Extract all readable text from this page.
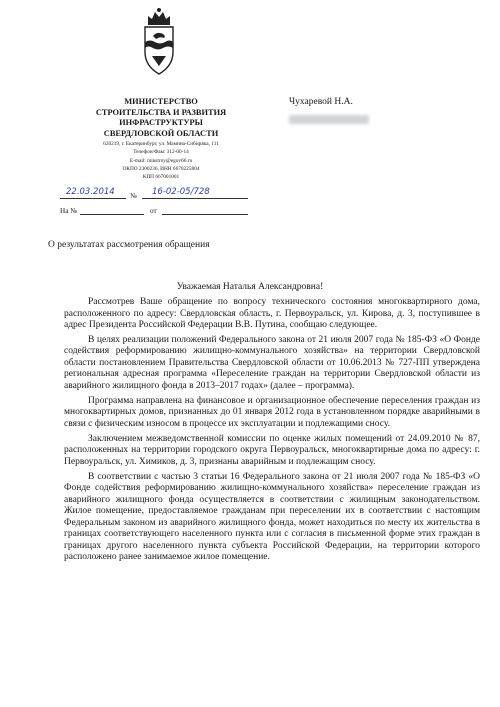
МИНИСТЕРСТВО
СТРОИТЕЛЬСТВА И РАЗВИТИЯ
ИНФРАСТРУКТУРЫ
СВЕРДЛОВСКОЙ ОБЛАСТИ
620219, г. Екатеринбург, ул. Мамина-Сибиряка, 111
Телефон/Факс 312-00-14
E-mail: minstroy@egov66.ru
ОКПО 2300236, ИНН 6670225804
КПП 667001001
22.03.2014 № 16-02-05/728
На №	от
Чухаревой Н.А.
О результатах рассмотрения обращения
Уважаемая Наталья Александровна!

Рассмотрев Ваше обращение по вопросу технического состояния многоквартирного дома, расположенного по адресу: Свердловская область, г. Первоуральск, ул. Кирова, д. 3, поступившее в адрес Президента Российской Федерации В.В. Путина, сообщаю следующее.

В целях реализации положений Федерального закона от 21 июля 2007 года № 185-ФЗ «О Фонде содействия реформированию жилищно-коммунального хозяйства» на территории Свердловской области постановлением Правительства Свердловской области от 10.06.2013 № 727-ПП утверждена региональная адресная программа «Переселение граждан на территории Свердловской области из аварийного жилищного фонда в 2013–2017 годах» (далее – программа).

Программа направлена на финансовое и организационное обеспечение переселения граждан из многоквартирных домов, признанных до 01 января 2012 года в установленном порядке аварийными в связи с физическим износом в процессе их эксплуатации и подлежащими сносу.

Заключением межведомственной комиссии по оценке жилых помещений от 24.09.2010 № 87, расположенных на территории городского округа Первоуральск, многоквартирные дома по адресу: г. Первоуральск, ул. Химиков, д. 3, признаны аварийным и подлежащим сносу.

В соответствии с частью 3 статьи 16 Федерального закона от 21 июля 2007 года № 185-ФЗ «О Фонде содействия реформированию жилищно-коммунального хозяйства» переселение граждан из аварийного жилищного фонда осуществляется в соответствии с жилищным законодательством. Жилое помещение, предоставляемое гражданам при переселении их в соответствии с настоящим Федеральным законом из аварийного жилищного фонда, может находиться по месту их жительства в границах соответствующего населенного пункта или с согласия в письменной форме этих граждан в границах другого населенного пункта субъекта Российской Федерации, на территории которого расположено ранее занимаемое жилое помещение.
